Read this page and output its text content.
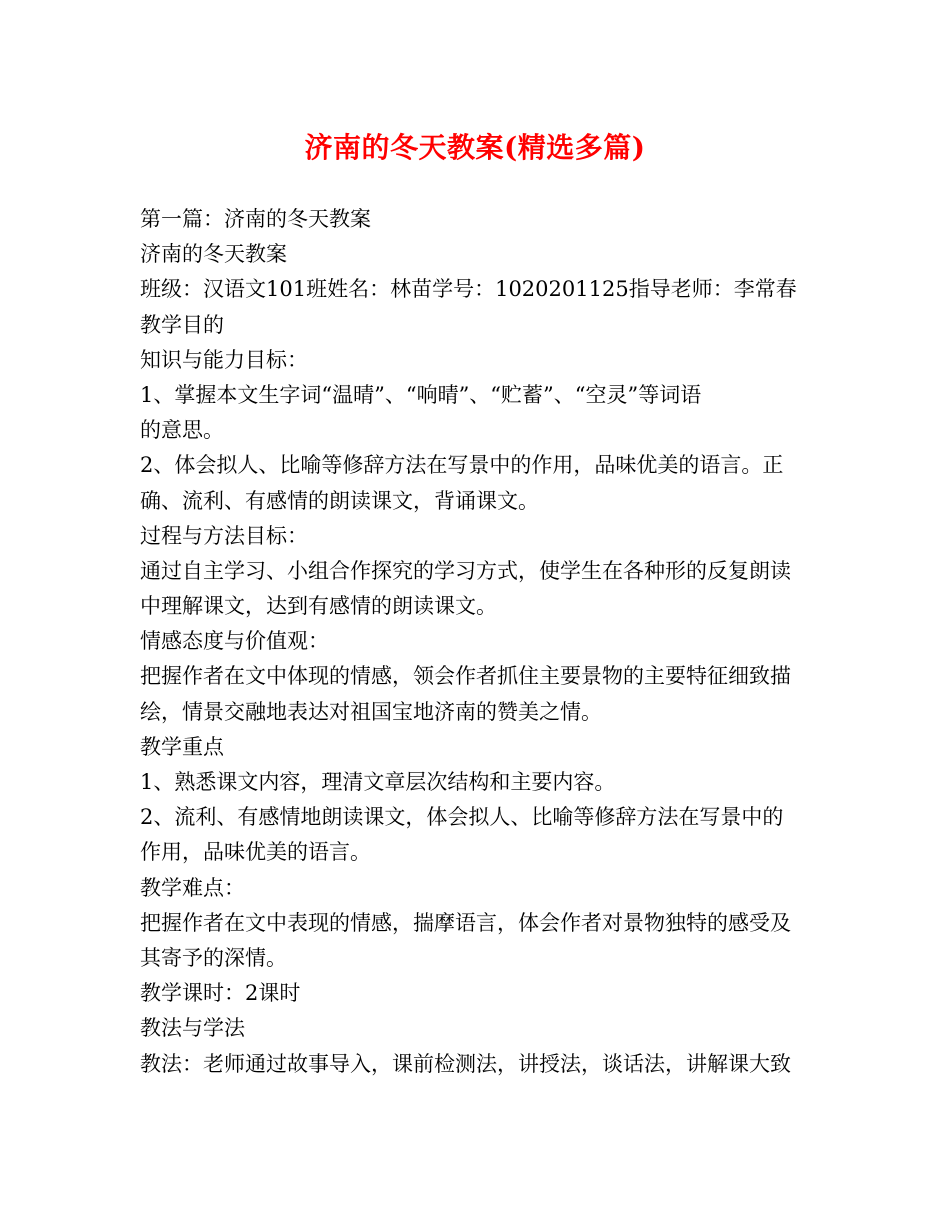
济南的冬天教案(精选多篇)
第一篇：济南的冬天教案
济南的冬天教案
班级：汉语文101班姓名：林苗学号：1020201125指导老师：李常春
教学目的
知识与能力目标：
1、掌握本文生字词“温晴”、“响晴”、“贮蓄”、“空灵”等词语
的意思。
2、体会拟人、比喻等修辞方法在写景中的作用，品味优美的语言。正
确、流利、有感情的朗读课文，背诵课文。
过程与方法目标：
通过自主学习、小组合作探究的学习方式，使学生在各种形的反复朗读
中理解课文，达到有感情的朗读课文。
情感态度与价值观：
把握作者在文中体现的情感，领会作者抓住主要景物的主要特征细致描
绘，情景交融地表达对祖国宝地济南的赞美之情。
教学重点
1、熟悉课文内容，理清文章层次结构和主要内容。
2、流利、有感情地朗读课文，体会拟人、比喻等修辞方法在写景中的
作用，品味优美的语言。
教学难点：
把握作者在文中表现的情感，揣摩语言，体会作者对景物独特的感受及
其寄予的深情。
教学课时：2课时
教法与学法
教法：老师通过故事导入，课前检测法，讲授法，谈话法，讲解课大致
